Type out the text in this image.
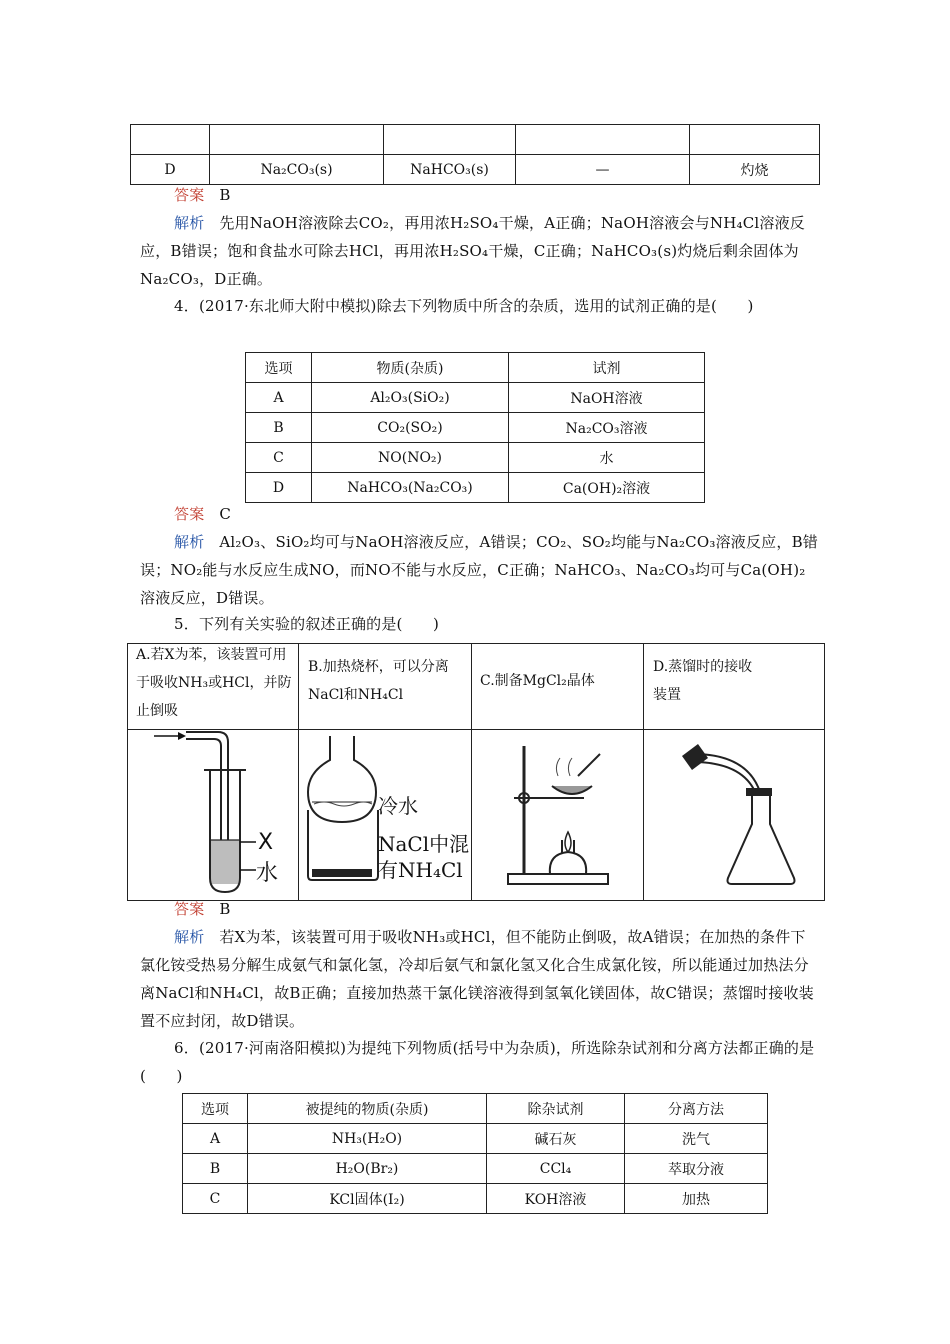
D	Na₂CO₃(s)	NaHCO₃(s)	—	灼烧
答案 B
解析 先用NaOH溶液除去CO₂，再用浓H₂SO₄干燥，A正确；NaOH溶液会与NH₄Cl溶液反应，B错误；饱和食盐水可除去HCl，再用浓H₂SO₄干燥，C正确；NaHCO₃(s)灼烧后剩余固体为Na₂CO₃，D正确。
4．(2017·东北师大附中模拟)除去下列物质中所含的杂质，选用的试剂正确的是(　　)
选项	物质(杂质)	试剂
A	Al₂O₃(SiO₂)	NaOH溶液
B	CO₂(SO₂)	Na₂CO₃溶液
C	NO(NO₂)	水
D	NaHCO₃(Na₂CO₃)	Ca(OH)₂溶液
答案 C
解析 Al₂O₃、SiO₂均可与NaOH溶液反应，A错误；CO₂、SO₂均能与Na₂CO₃溶液反应，B错误；NO₂能与水反应生成NO，而NO不能与水反应，C正确；NaHCO₃、Na₂CO₃均可与Ca(OH)₂溶液反应，D错误。
5．下列有关实验的叙述正确的是(　　)
A.若X为苯，该装置可用于吸收NH₃或HCl，并防止倒吸
B.加热烧杯，可以分离NaCl和NH₄Cl
C.制备MgCl₂晶体
D.蒸馏时的接收装置
X
水
冷水
NaCl中混
有NH₄Cl
答案 B
解析 若X为苯，该装置可用于吸收NH₃或HCl，但不能防止倒吸，故A错误；在加热的条件下氯化铵受热易分解生成氨气和氯化氢，冷却后氨气和氯化氢又化合生成氯化铵，所以能通过加热法分离NaCl和NH₄Cl，故B正确；直接加热蒸干氯化镁溶液得到氢氧化镁固体，故C错误；蒸馏时接收装置不应封闭，故D错误。
6．(2017·河南洛阳模拟)为提纯下列物质(括号中为杂质)，所选除杂试剂和分离方法都正确的是(　　)
选项	被提纯的物质(杂质)	除杂试剂	分离方法
A	NH₃(H₂O)	碱石灰	洗气
B	H₂O(Br₂)	CCl₄	萃取分液
C	KCl固体(I₂)	KOH溶液	加热
